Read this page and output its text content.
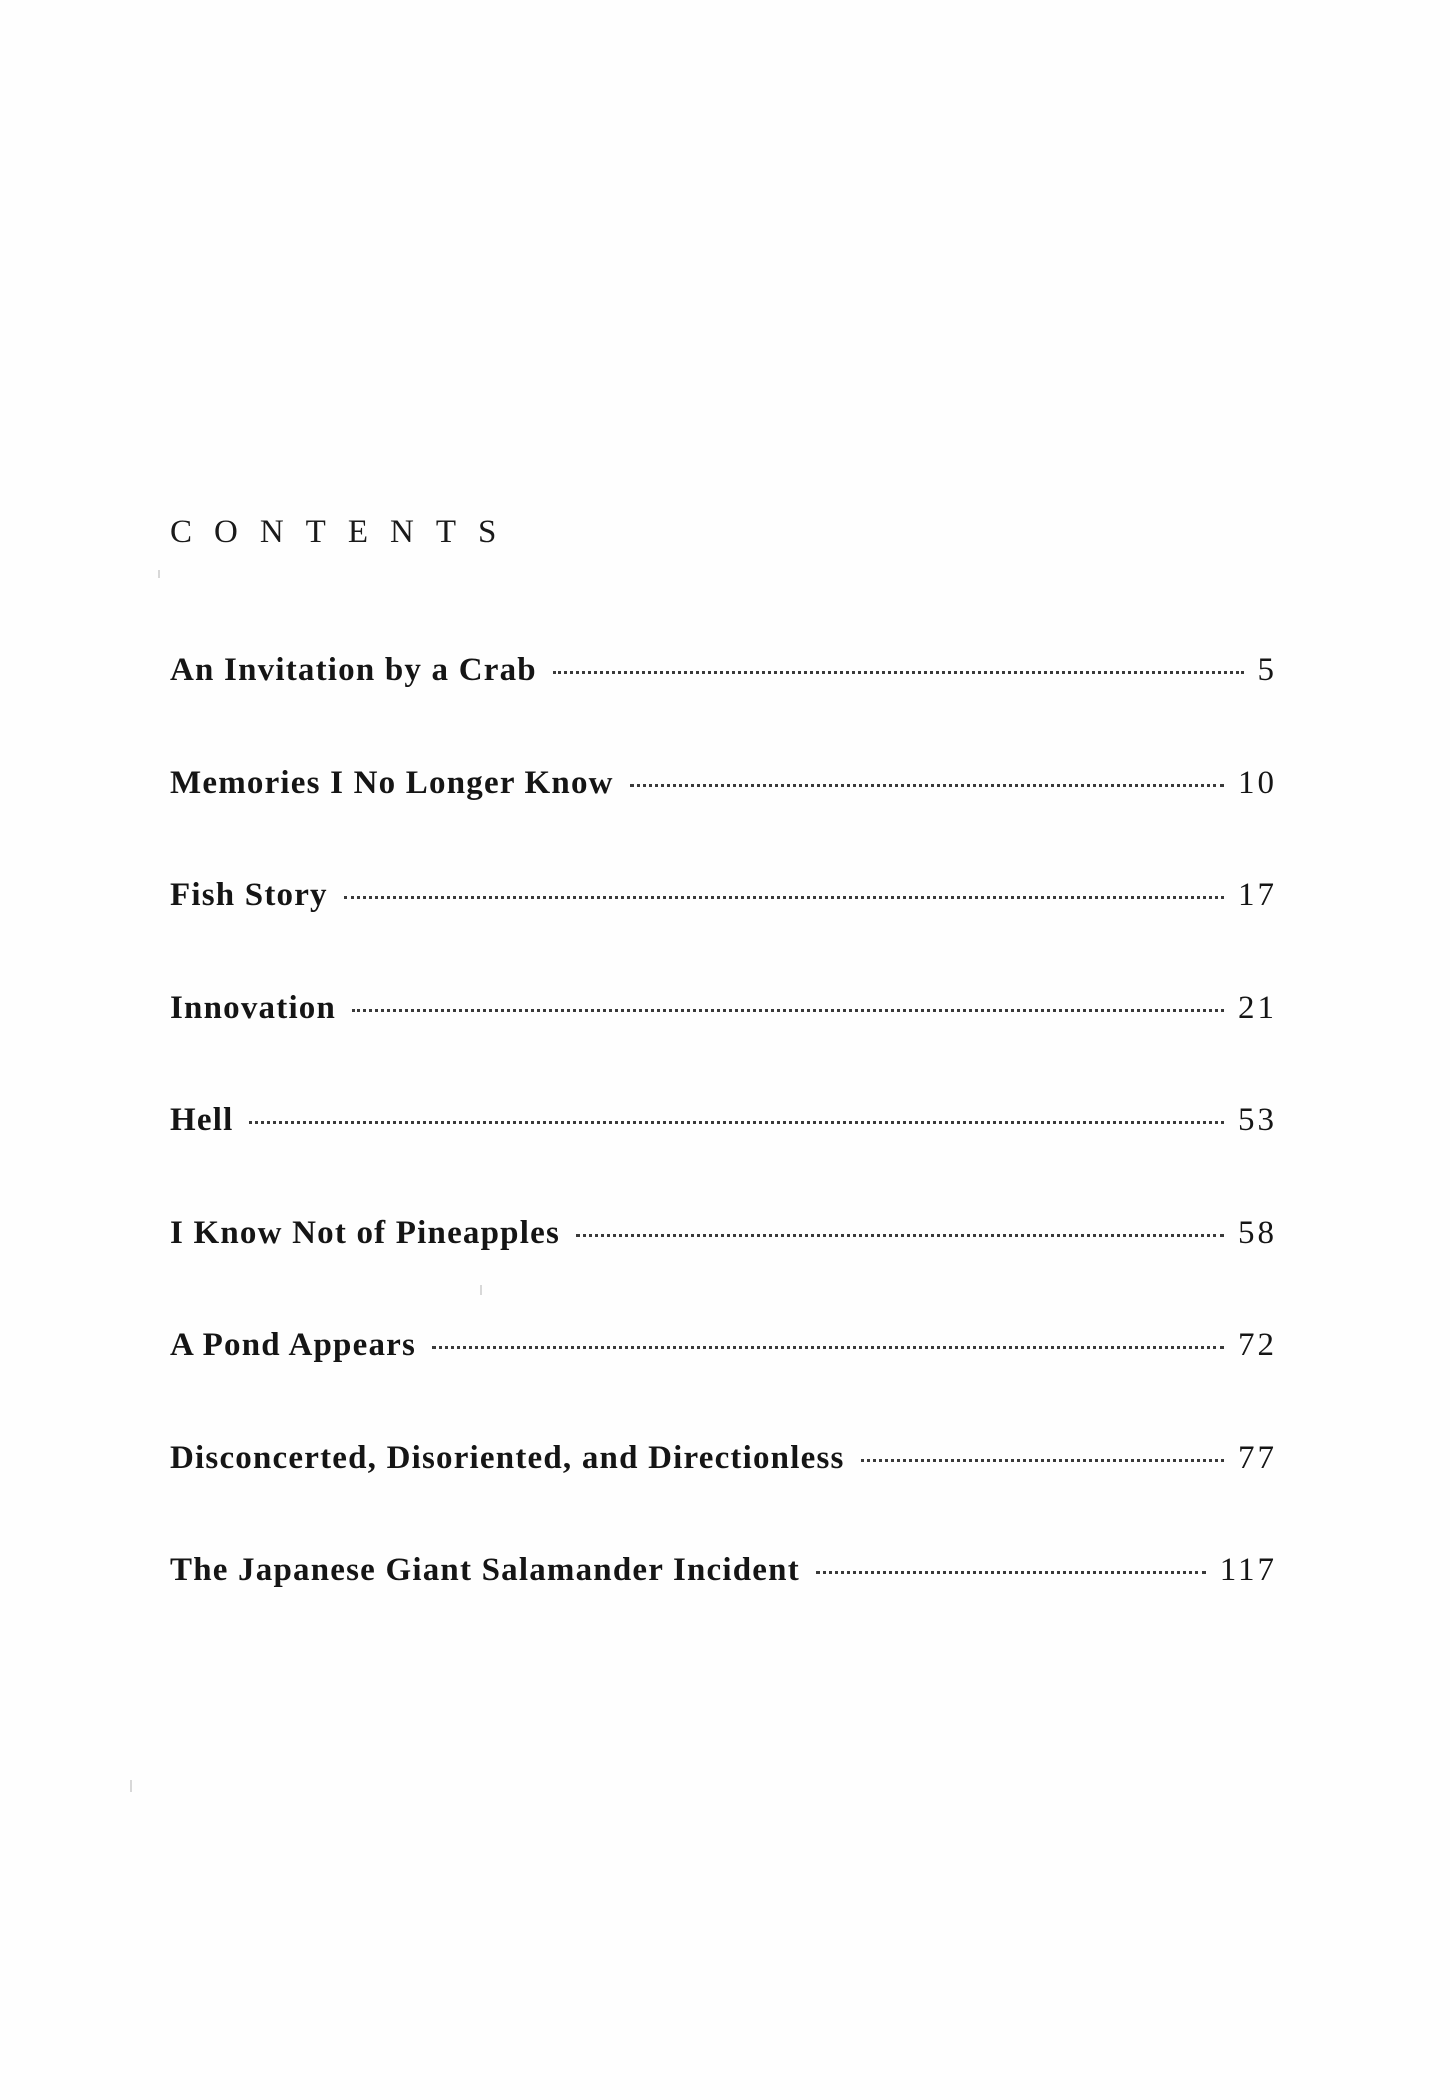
CONTENTS
An Invitation by a Crab	5
Memories I No Longer Know	10
Fish Story	17
Innovation	21
Hell	53
I Know Not of Pineapples	58
A Pond Appears	72
Disconcerted, Disoriented, and Directionless	77
The Japanese Giant Salamander Incident	117
